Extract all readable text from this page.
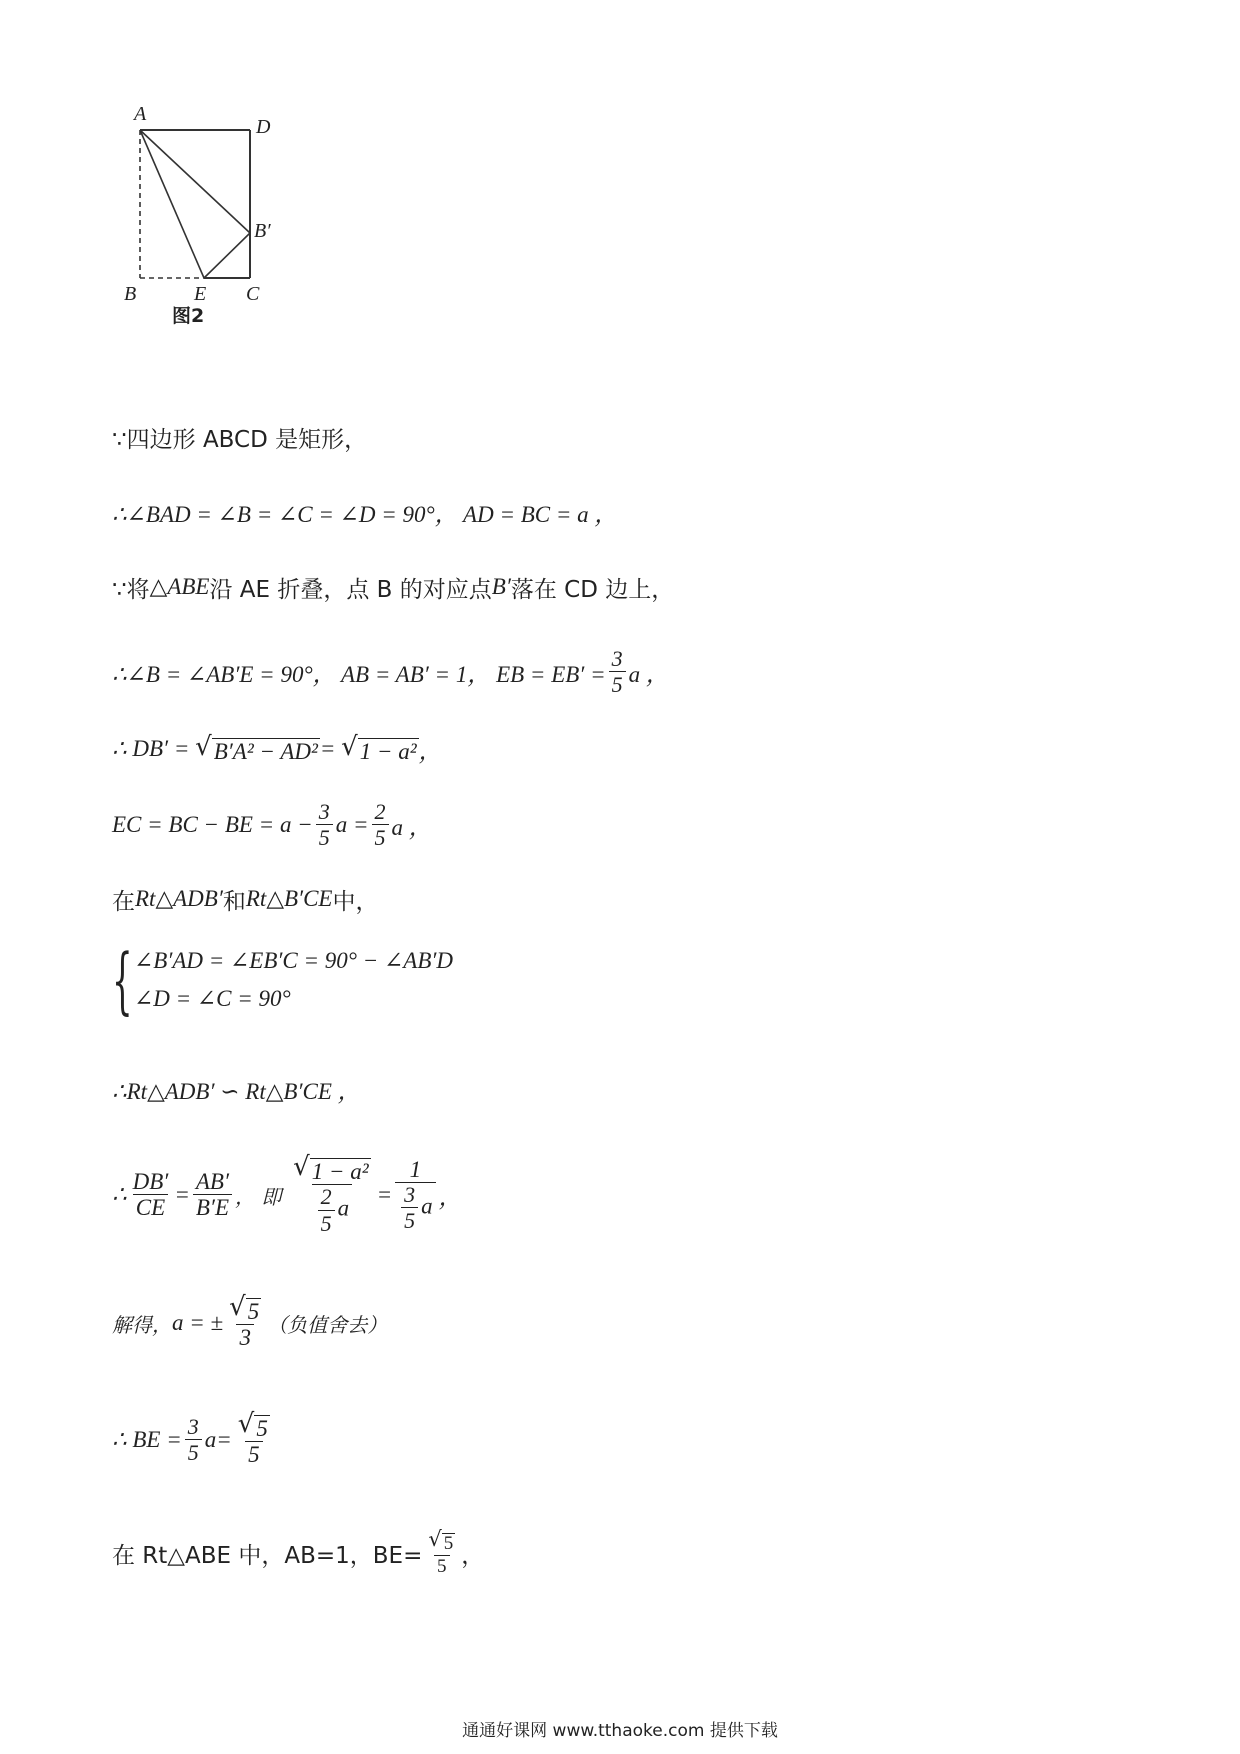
A
D
B′
B	E C
图2
∵四边形 ABCD 是矩形，
∴∠BAD = ∠B = ∠C = ∠D = 90°， AD = BC = a ，
∵将 △ABE 沿 AE 折叠，点 B 的对应点 B′ 落在 CD 边上，
∴∠B = ∠AB′E = 90°， AB = AB′ = 1， EB = $EB' = \frac{3}{5}$ a ，
∴ DB′ =
√ B′A² − AD² =
√ 1 − a² ，
EC = BC − BE = $a - \frac{3}{5}$ $a = \frac{2}{5}$ a ，
在 Rt△ADB′ 和 Rt△B′CE 中，
{ ∠B′AD = ∠EB′C = 90° − ∠AB′D
∠D = ∠C = 90°
∴Rt△ADB′ ∽ Rt△B′CE ，
∴ $\frac{DB'}{CE} = \frac{AB'}{B'E}$ ， 即
$\frac{\text{√ 1 − a²}}{\frac{2}{5} a} = \frac{1}{\frac{3}{5} a}$ ，
解得， a = ± $\frac{√ 5}{3}$ （负值舍去）
∴ BE = $\frac{3}{5} a= \frac{√ 5}{5}$
在 Rt△ABE 中，AB=1，$BE= \frac{√ 5}{5}$ ，
通通好课网 www.tthaoke.com 提供下载
